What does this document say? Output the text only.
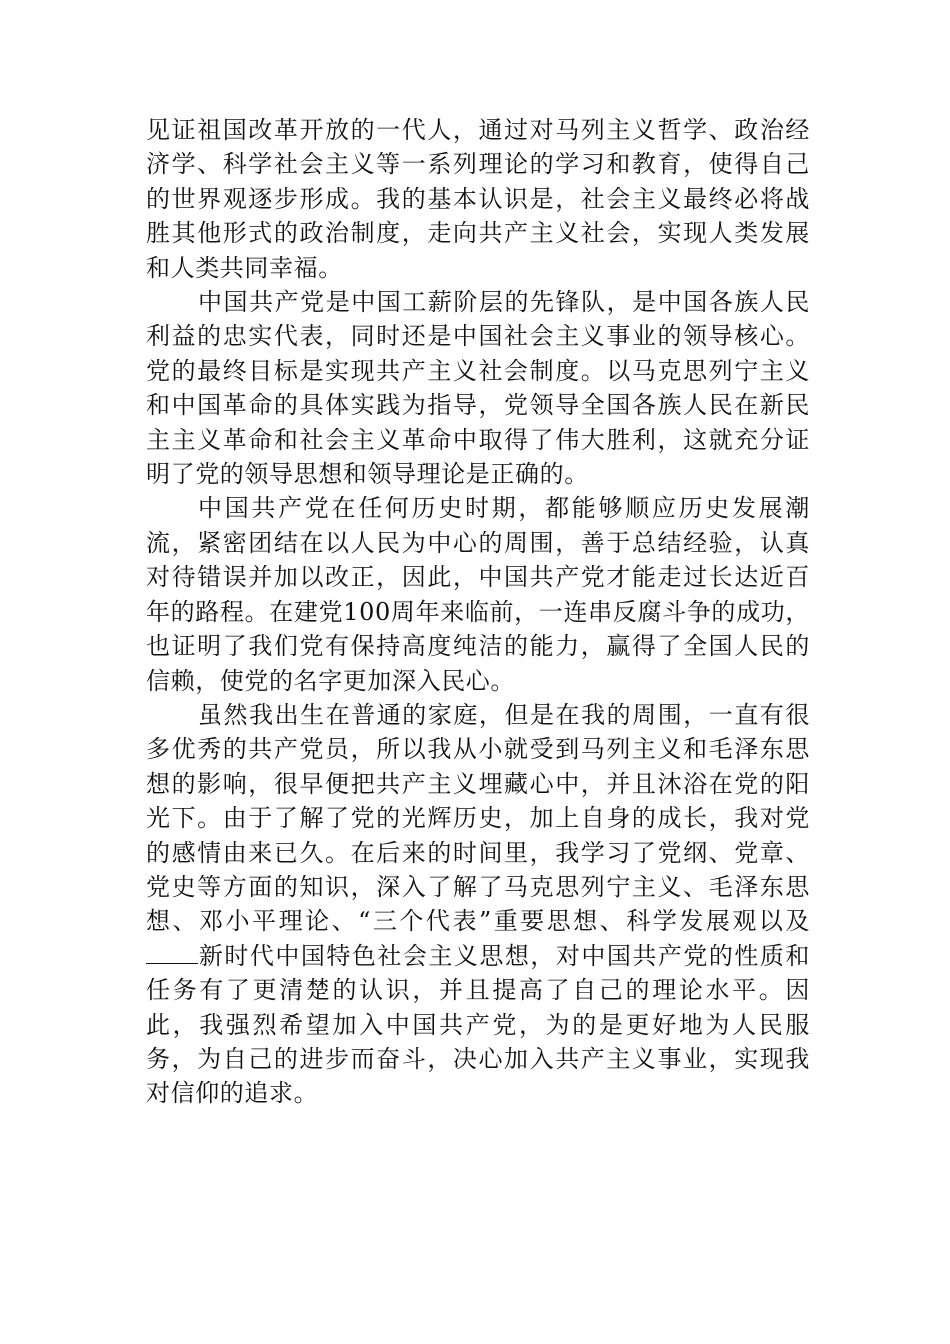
见证祖国改革开放的一代人，通过对马列主义哲学、政治经济学、科学社会主义等一系列理论的学习和教育，使得自己的世界观逐步形成。我的基本认识是，社会主义最终必将战胜其他形式的政治制度，走向共产主义社会，实现人类发展和人类共同幸福。

中国共产党是中国工薪阶层的先锋队，是中国各族人民利益的忠实代表，同时还是中国社会主义事业的领导核心。党的最终目标是实现共产主义社会制度。以马克思列宁主义和中国革命的具体实践为指导，党领导全国各族人民在新民主主义革命和社会主义革命中取得了伟大胜利，这就充分证明了党的领导思想和领导理论是正确的。

中国共产党在任何历史时期，都能够顺应历史发展潮流，紧密团结在以人民为中心的周围，善于总结经验，认真对待错误并加以改正，因此，中国共产党才能走过长达近百年的路程。在建党100周年来临前，一连串反腐斗争的成功，也证明了我们党有保持高度纯洁的能力，赢得了全国人民的信赖，使党的名字更加深入民心。

虽然我出生在普通的家庭，但是在我的周围，一直有很多优秀的共产党员，所以我从小就受到马列主义和毛泽东思想的影响，很早便把共产主义埋藏心中，并且沐浴在党的阳光下。由于了解了党的光辉历史，加上自身的成长，我对党的感情由来已久。在后来的时间里，我学习了党纲、党章、党史等方面的知识，深入了解了马克思列宁主义、毛泽东思想、邓小平理论、“三个代表”重要思想、科学发展观以及新时代中国特色社会主义思想，对中国共产党的性质和任务有了更清楚的认识，并且提高了自己的理论水平。因此，我强烈希望加入中国共产党，为的是更好地为人民服务，为自己的进步而奋斗，决心加入共产主义事业，实现我对信仰的追求。
